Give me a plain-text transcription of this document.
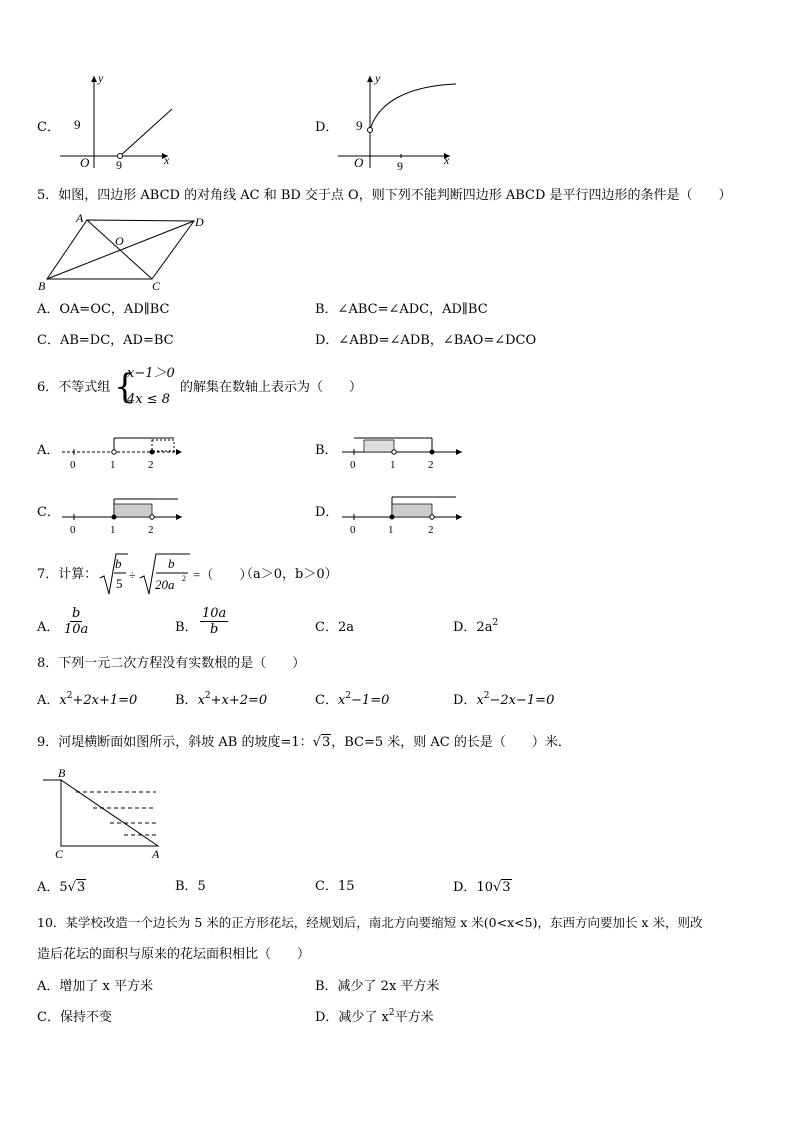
C．
y
x
O
9
9
D．
y
x
O
9
9
5．如图，四边形 ABCD 的对角线 AC 和 BD 交于点 O，则下列不能判断四边形 ABCD 是平行四边形的条件是（　　）
A	D
O
B	C
A．OA=OC，AD∥BC	B．∠ABC=∠ADC，AD∥BC
C．AB=DC，AD=BC	D．∠ABD=∠ADB，∠BAO=∠DCO
6．不等式组 {
x−1＞0
4x ≤ 8
的解集在数轴上表示为（　　）
A．
0	1	2
B．
0	1	2
C．
0	1	2
D．
0	1	2
7．计算：
b
5
÷
b
20a 2 =（　　）
（a＞0，b＞0）
A． $\frac{b}{10a}$	B． $\frac{10a}{b}$	C．2a	D．$2a^2$
8．下列一元二次方程没有实数根的是（　　）
A．$x^2+2x+1=0$	B．$x^2+x+2=0$	C．$x^2-1=0$	D．$x^2-2x-1=0$
9．河堤横断面如图所示，斜坡 AB 的坡度=1：√3，BC=5 米，则 AC 的长是（　　）米．
B
C	A
A．5√3	B．5	C．15	D．10√3
10．某学校改造一个边长为 5 米的正方形花坛，经规划后，南北方向要缩短 x 米(0<x<5)，东西方向要加长 x 米，则改
造后花坛的面积与原来的花坛面积相比（　　）
A．增加了 x 平方米	B．减少了 2x 平方米
C．保持不变	D．减少了 $x^2$平方米
